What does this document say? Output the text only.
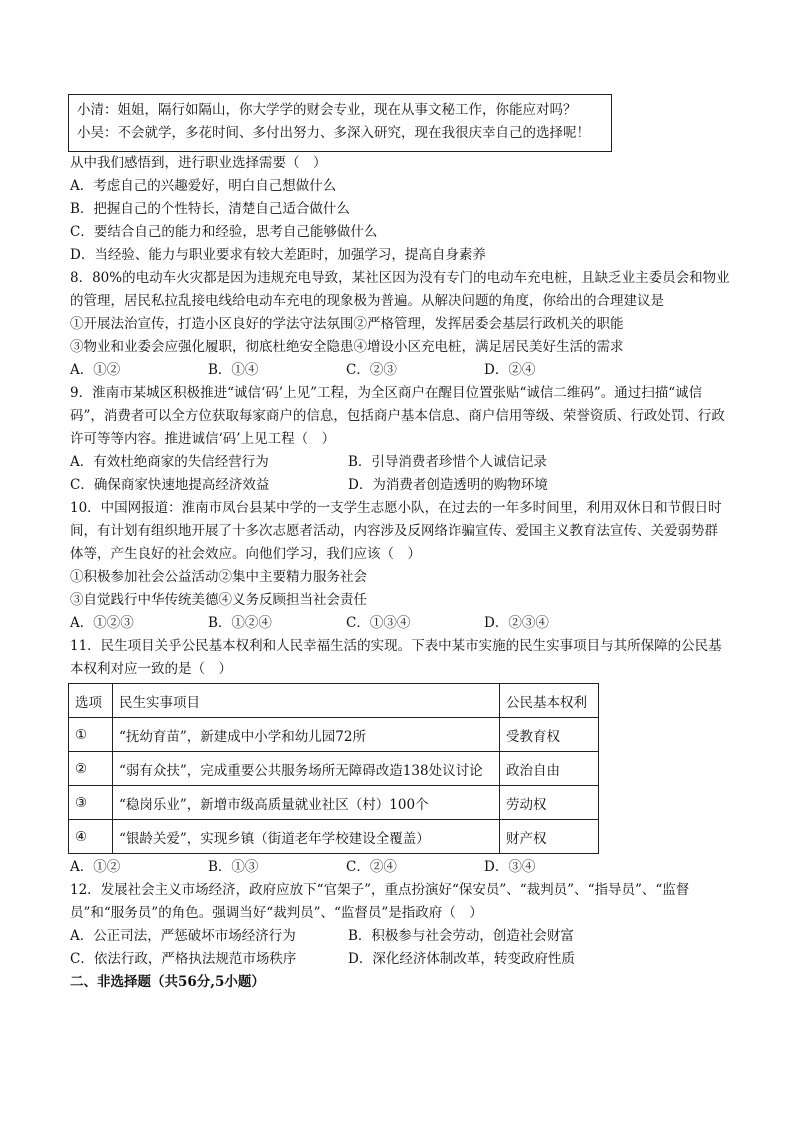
小清：姐姐，隔行如隔山，你大学学的财会专业，现在从事文秘工作，你能应对吗？
小吴：不会就学，多花时间、多付出努力、多深入研究，现在我很庆幸自己的选择呢！
从中我们感悟到，进行职业选择需要（　）
A．考虑自己的兴趣爱好，明白自己想做什么
B．把握自己的个性特长，清楚自己适合做什么
C．要结合自己的能力和经验，思考自己能够做什么
D．当经验、能力与职业要求有较大差距时，加强学习，提高自身素养
8．80%的电动车火灾都是因为违规充电导致，某社区因为没有专门的电动车充电桩，且缺乏业主委员会和物业的管理，居民私拉乱接电线给电动车充电的现象极为普遍。从解决问题的角度，你给出的合理建议是
①开展法治宣传，打造小区良好的学法守法氛围②严格管理，发挥居委会基层行政机关的职能
③物业和业委会应强化履职，彻底杜绝安全隐患④增设小区充电桩，满足居民美好生活的需求
A．①②	B．①④	C．②③	D．②④
9．淮南市某城区积极推进“诚信‘码’上见”工程，为全区商户在醒目位置张贴“诚信二维码”。通过扫描“诚信码”，消费者可以全方位获取每家商户的信息，包括商户基本信息、商户信用等级、荣誉资质、行政处罚、行政许可等等内容。推进诚信‘码’上见工程（　）
A．有效杜绝商家的失信经营行为	B．引导消费者珍惜个人诚信记录
C．确保商家快速地提高经济效益	D．为消费者创造透明的购物环境
10．中国网报道：淮南市凤台县某中学的一支学生志愿小队，在过去的一年多时间里，利用双休日和节假日时间，有计划有组织地开展了十多次志愿者活动，内容涉及反网络诈骗宣传、爱国主义教育法宣传、关爱弱势群体等，产生良好的社会效应。向他们学习，我们应该（　）
①积极参加社会公益活动②集中主要精力服务社会
③自觉践行中华传统美德④义务反顾担当社会责任
A．①②③	B．①②④	C．①③④	D．②③④
11．民生项目关乎公民基本权利和人民幸福生活的实现。下表中某市实施的民生实事项目与其所保障的公民基本权利对应一致的是（　）
选项	民生实事项目	公民基本权利
①	“抚幼育苗”，新建成中小学和幼儿园72所	受教育权
②	“弱有众扶”，完成重要公共服务场所无障碍改造138处议讨论	政治自由
③	“稳岗乐业”，新增市级高质量就业社区（村）100个	劳动权
④	“银龄关爱”，实现乡镇（街道老年学校建设全覆盖）	财产权
A．①②	B．①③	C．②④	D．③④
12．发展社会主义市场经济，政府应放下“官架子”，重点扮演好“保安员”、“裁判员”、“指导员”、“监督员”和“服务员”的角色。强调当好“裁判员”、“监督员”是指政府（　）
A．公正司法，严惩破坏市场经济行为	B．积极参与社会劳动，创造社会财富
C．依法行政，严格执法规范市场秩序	D．深化经济体制改革，转变政府性质
二、非选择题（共56分,5小题）
